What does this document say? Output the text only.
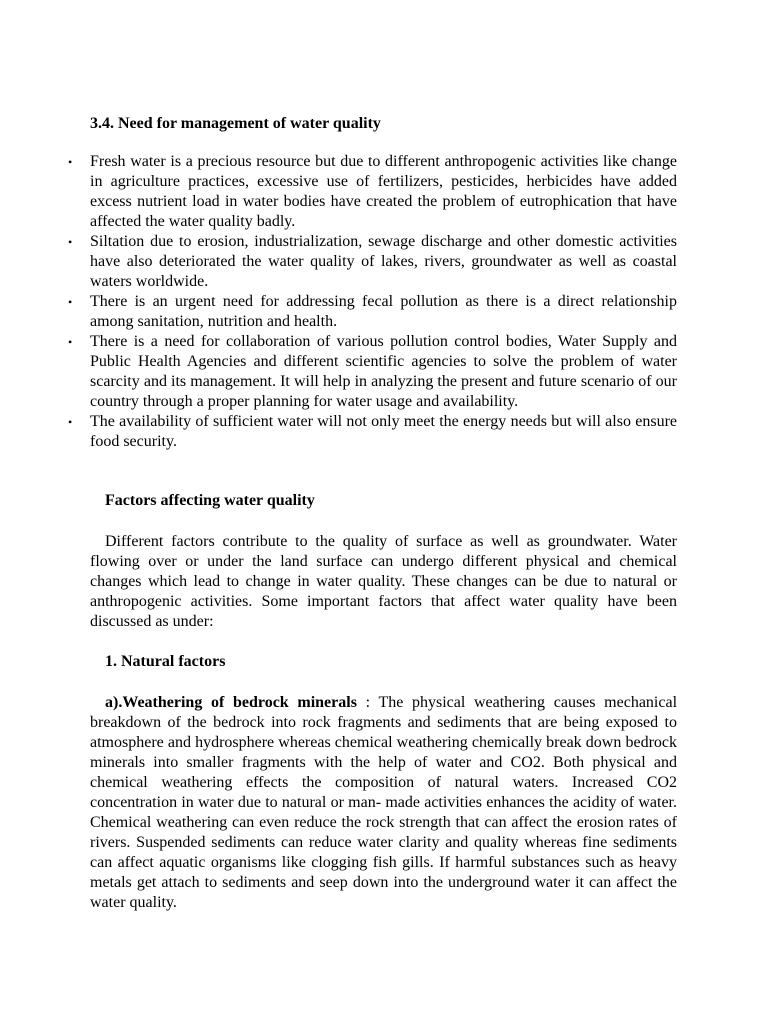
3.4. Need for management of water quality

• Fresh water is a precious resource but due to different anthropogenic activities like change in agriculture practices, excessive use of fertilizers, pesticides, herbicides have added excess nutrient load in water bodies have created the problem of eutrophication that have affected the water quality badly.
• Siltation due to erosion, industrialization, sewage discharge and other domestic activities have also deteriorated the water quality of lakes, rivers, groundwater as well as coastal waters worldwide.
• There is an urgent need for addressing fecal pollution as there is a direct relationship among sanitation, nutrition and health.
• There is a need for collaboration of various pollution control bodies, Water Supply and Public Health Agencies and different scientific agencies to solve the problem of water scarcity and its management. It will help in analyzing the present and future scenario of our country through a proper planning for water usage and availability.
• The availability of sufficient water will not only meet the energy needs but will also ensure food security.

Factors affecting water quality

Different factors contribute to the quality of surface as well as groundwater. Water flowing over or under the land surface can undergo different physical and chemical changes which lead to change in water quality. These changes can be due to natural or anthropogenic activities. Some important factors that affect water quality have been discussed as under:

1. Natural factors

a).Weathering of bedrock minerals : The physical weathering causes mechanical breakdown of the bedrock into rock fragments and sediments that are being exposed to atmosphere and hydrosphere whereas chemical weathering chemically break down bedrock minerals into smaller fragments with the help of water and CO2. Both physical and chemical weathering effects the composition of natural waters. Increased CO2 concentration in water due to natural or man- made activities enhances the acidity of water. Chemical weathering can even reduce the rock strength that can affect the erosion rates of rivers. Suspended sediments can reduce water clarity and quality whereas fine sediments can affect aquatic organisms like clogging fish gills. If harmful substances such as heavy metals get attach to sediments and seep down into the underground water it can affect the water quality.
